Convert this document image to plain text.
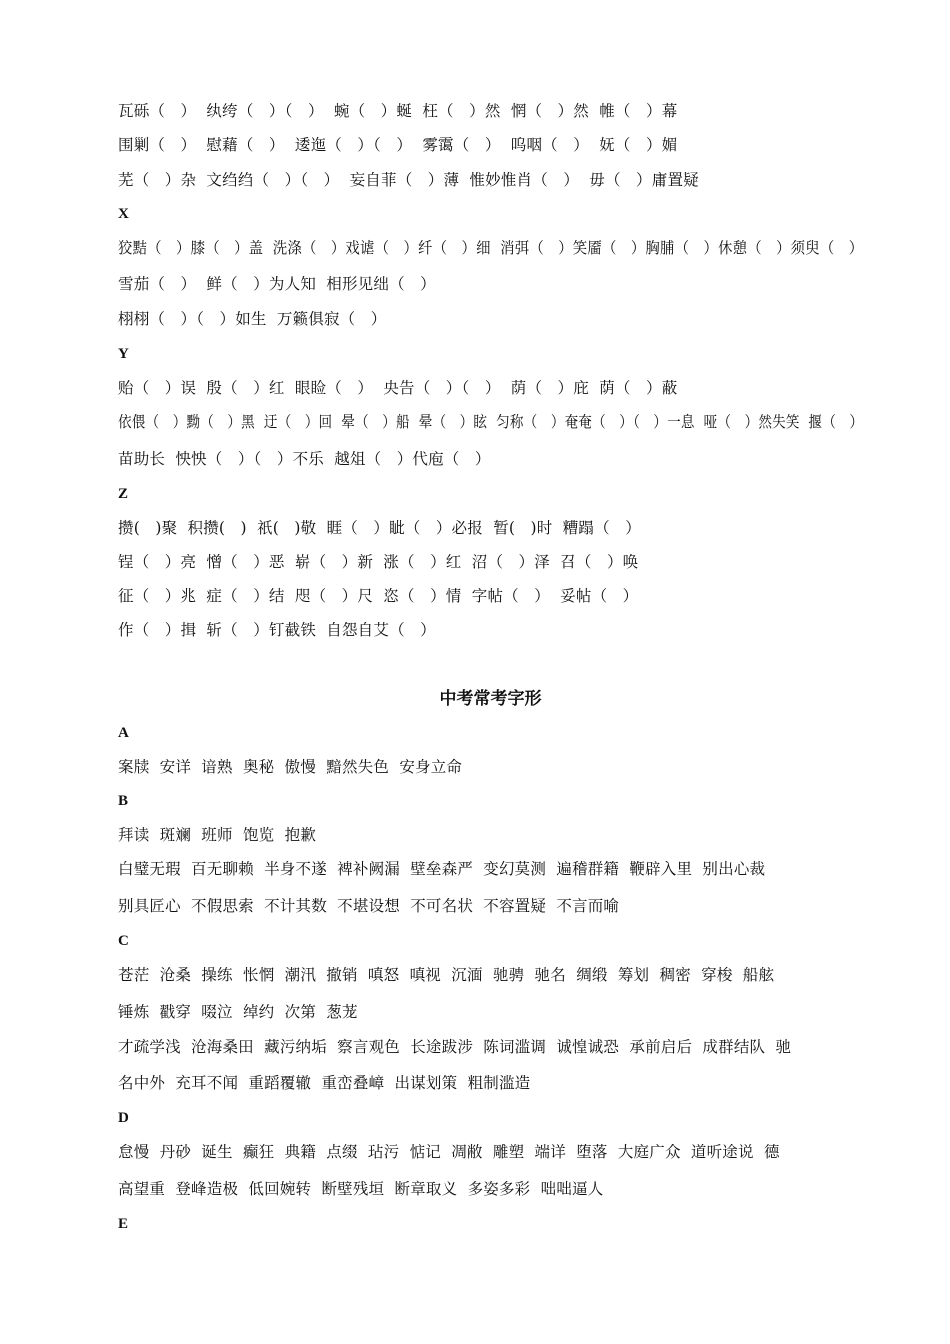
瓦砾（   ）  纨绔（   ）（   ）  蜿（   ）蜒  枉（   ）然  惘（   ）然  帷（   ）幕
围剿（   ）  慰藉（   ）  逶迤（   ）（   ）  雾霭（   ）  呜咽（   ）  妩（   ）媚
芜（   ）杂  文绉绉（   ）（   ）  妄自菲（   ）薄  惟妙惟肖（   ）  毋（   ）庸置疑
X
狡黠（   ）膝（   ）盖  洗涤（   ）戏谑（   ）纤（   ）细  消弭（   ）笑靥（   ）胸脯（   ）休憩（   ）须臾（   ）
雪茄（   ）  鲜（   ）为人知  相形见绌（   ）
栩栩（   ）（   ）如生  万籁俱寂（   ）
Y
贻（   ）误  殷（   ）红  眼睑（   ）  央告（   ）（   ）  荫（   ）庇  荫（   ）蔽
依偎（   ）黝（   ）黑  迂（   ）回  晕（   ）船  晕（   ）眩  匀称（   ）奄奄（   ）（   ）一息  哑（   ）然失笑  揠（   ）
苗助长  怏怏（   ）（   ）不乐  越俎（   ）代庖（   ）
Z
攒(   )聚  积攒(   )  祇(   )敬  睚（   ）眦（   ）必报  暂(   )时  糟蹋（   ）
锃（   ）亮  憎（   ）恶  崭（   ）新  涨（   ）红  沼（   ）泽  召（   ）唤
征（   ）兆  症（   ）结  咫（   ）尺  恣（   ）情  字帖（   ）  妥帖（   ）
作（   ）揖  斩（   ）钉截铁  自怨自艾（   ）
中考常考字形
A
案牍  安详  谙熟  奥秘  傲慢  黯然失色  安身立命
B
拜读  斑斓  班师  饱览  抱歉
白璧无瑕  百无聊赖  半身不遂  裨补阙漏  壁垒森严  变幻莫测  遍稽群籍  鞭辟入里  别出心裁
别具匠心  不假思索  不计其数  不堪设想  不可名状  不容置疑  不言而喻
C
苍茫  沧桑  操练  怅惘  潮汛  撤销  嗔怒  嗔视  沉湎  驰骋  驰名  绸缎  筹划  稠密  穿梭  船舷
锤炼  戳穿  啜泣  绰约  次第  葱茏
才疏学浅  沧海桑田  藏污纳垢  察言观色  长途跋涉  陈词滥调  诚惶诚恐  承前启后  成群结队  驰
名中外  充耳不闻  重蹈覆辙  重峦叠嶂  出谋划策  粗制滥造
D
怠慢  丹砂  诞生  癫狂  典籍  点缀  玷污  惦记  凋敝  雕塑  端详  堕落  大庭广众  道听途说  德
高望重  登峰造极  低回婉转  断壁残垣  断章取义  多姿多彩  咄咄逼人
E
